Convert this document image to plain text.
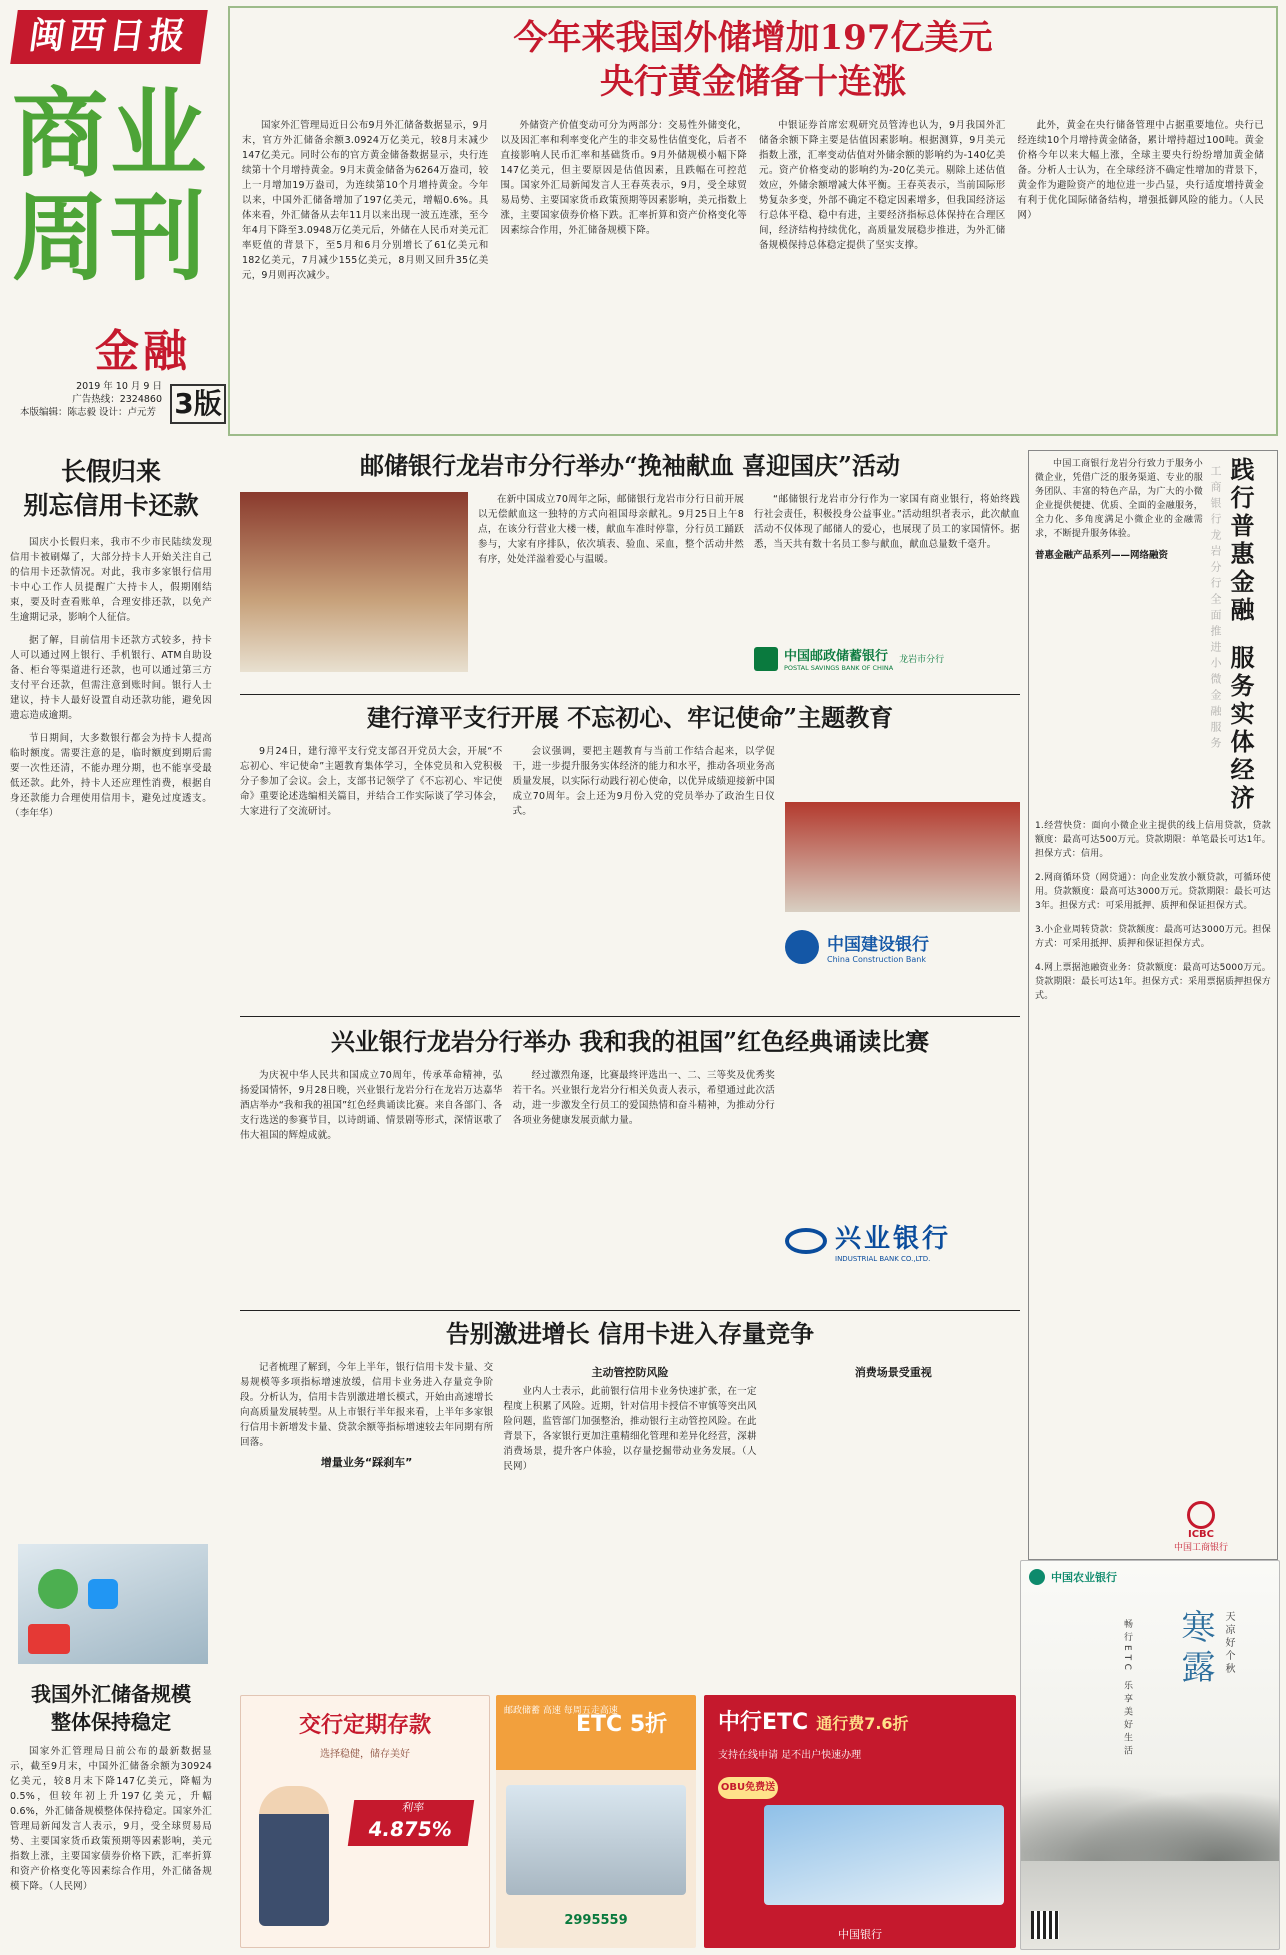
闽西日报
商业
周刊
金融
2019 年 10 月 9 日
广告热线：2324860
本版编辑：陈志毅 设计：卢元芳 3版
长假归来
别忘信用卡还款

国庆小长假归来，我市不少市民陆续发现信用卡被刷爆了，大部分持卡人开始关注自己的信用卡还款情况。对此，我市多家银行信用卡中心工作人员提醒广大持卡人，假期刚结束，要及时查看账单，合理安排还款，以免产生逾期记录，影响个人征信。

据了解，目前信用卡还款方式较多，持卡人可以通过网上银行、手机银行、ATM自助设备、柜台等渠道进行还款，也可以通过第三方支付平台还款，但需注意到账时间。银行人士建议，持卡人最好设置自动还款功能，避免因遗忘造成逾期。

节日期间，大多数银行都会为持卡人提高临时额度。需要注意的是，临时额度到期后需要一次性还清，不能办理分期，也不能享受最低还款。此外，持卡人还应理性消费，根据自身还款能力合理使用信用卡，避免过度透支。（李年华）

我国外汇储备规模
整体保持稳定

国家外汇管理局日前公布的最新数据显示，截至9月末，中国外汇储备余额为30924亿美元，较8月末下降147亿美元，降幅为0.5%，但较年初上升197亿美元，升幅0.6%，外汇储备规模整体保持稳定。国家外汇管理局新闻发言人表示，9月，受全球贸易局势、主要国家货币政策预期等因素影响，美元指数上涨，主要国家债券价格下跌，汇率折算和资产价格变化等因素综合作用，外汇储备规模下降。（人民网）

今年来我国外储增加197亿美元
央行黄金储备十连涨

国家外汇管理局近日公布9月外汇储备数据显示，9月末，官方外汇储备余额3.0924万亿美元，较8月末减少147亿美元。同时公布的官方黄金储备数据显示，央行连续第十个月增持黄金。9月末黄金储备为6264万盎司，较上一月增加19万盎司，为连续第10个月增持黄金。今年以来，中国外汇储备增加了197亿美元，增幅0.6%。具体来看，外汇储备从去年11月以来出现一波五连涨，至今年4月下降至3.0948万亿美元后，外储在人民币对美元汇率贬值的背景下，至5月和6月分别增长了61亿美元和182亿美元，7月减少155亿美元，8月则又回升35亿美元，9月则再次减少。

外储资产价值变动可分为两部分：交易性外储变化，以及因汇率和利率变化产生的非交易性估值变化，后者不直接影响人民币汇率和基础货币。9月外储规模小幅下降147亿美元，但主要原因是估值因素，且跌幅在可控范围。国家外汇局新闻发言人王春英表示，9月，受全球贸易局势、主要国家货币政策预期等因素影响，美元指数上涨，主要国家债券价格下跌。汇率折算和资产价格变化等因素综合作用，外汇储备规模下降。

中银证券首席宏观研究员管涛也认为，9月我国外汇储备余额下降主要是估值因素影响。根据测算，9月美元指数上涨，汇率变动估值对外储余额的影响约为-140亿美元。资产价格变动的影响约为-20亿美元。剔除上述估值效应，外储余额增减大体平衡。王春英表示，当前国际形势复杂多变，外部不确定不稳定因素增多，但我国经济运行总体平稳、稳中有进，主要经济指标总体保持在合理区间，经济结构持续优化，高质量发展稳步推进，为外汇储备规模保持总体稳定提供了坚实支撑。

此外，黄金在央行储备管理中占据重要地位。央行已经连续10个月增持黄金储备，累计增持超过100吨。黄金价格今年以来大幅上涨，全球主要央行纷纷增加黄金储备。分析人士认为，在全球经济不确定性增加的背景下，黄金作为避险资产的地位进一步凸显，央行适度增持黄金有利于优化国际储备结构，增强抵御风险的能力。（人民网）

邮储银行龙岩市分行举办“挽袖献血 喜迎国庆”活动

在新中国成立70周年之际，邮储银行龙岩市分行日前开展以无偿献血这一独特的方式向祖国母亲献礼。9月25日上午8点，在该分行营业大楼一楼，献血车准时停靠，分行员工踊跃参与，大家有序排队，依次填表、验血、采血，整个活动井然有序，处处洋溢着爱心与温暖。

“邮储银行龙岩市分行作为一家国有商业银行，将始终践行社会责任，积极投身公益事业。”活动组织者表示，此次献血活动不仅体现了邮储人的爱心，也展现了员工的家国情怀。据悉，当天共有数十名员工参与献血，献血总量数千毫升。

中国邮政储蓄银行
POSTAL SAVINGS BANK OF CHINA
龙岩市分行
建行漳平支行开展 不忘初心、牢记使命”主题教育

9月24日，建行漳平支行党支部召开党员大会，开展“不忘初心、牢记使命”主题教育集体学习，全体党员和入党积极分子参加了会议。会上，支部书记领学了《不忘初心、牢记使命》重要论述选编相关篇目，并结合工作实际谈了学习体会，大家进行了交流研讨。

会议强调，要把主题教育与当前工作结合起来，以学促干，进一步提升服务实体经济的能力和水平，推动各项业务高质量发展，以实际行动践行初心使命，以优异成绩迎接新中国成立70周年。会上还为9月份入党的党员举办了政治生日仪式。

中国建设银行
China Construction Bank
兴业银行龙岩分行举办 我和我的祖国”红色经典诵读比赛

为庆祝中华人民共和国成立70周年，传承革命精神，弘扬爱国情怀，9月28日晚，兴业银行龙岩分行在龙岩万达嘉华酒店举办“我和我的祖国”红色经典诵读比赛。来自各部门、各支行选送的参赛节目，以诗朗诵、情景剧等形式，深情讴歌了伟大祖国的辉煌成就。

经过激烈角逐，比赛最终评选出一、二、三等奖及优秀奖若干名。兴业银行龙岩分行相关负责人表示，希望通过此次活动，进一步激发全行员工的爱国热情和奋斗精神，为推动分行各项业务健康发展贡献力量。

兴业银行
INDUSTRIAL BANK CO.,LTD.
告别激进增长 信用卡进入存量竞争

记者梳理了解到，今年上半年，银行信用卡发卡量、交易规模等多项指标增速放缓，信用卡业务进入存量竞争阶段。分析认为，信用卡告别激进增长模式，开始由高速增长向高质量发展转型。从上市银行半年报来看，上半年多家银行信用卡新增发卡量、贷款余额等指标增速较去年同期有所回落。

增量业务“踩刹车”
主动管控防风险

业内人士表示，此前银行信用卡业务快速扩张，在一定程度上积累了风险。近期，针对信用卡授信不审慎等突出风险问题，监管部门加强整治，推动银行主动管控风险。在此背景下，各家银行更加注重精细化管理和差异化经营，深耕消费场景，提升客户体验，以存量挖掘带动业务发展。（人民网）

消费场景受重视

中国工商银行龙岩分行致力于服务小微企业，凭借广泛的服务渠道、专业的服务团队、丰富的特色产品，为广大的小微企业提供便捷、优质、全面的金融服务，全力化、多角度满足小微企业的金融需求，不断提升服务体验。

普惠金融产品系列——网络融资	践行普惠金融服务实体经济
工商银行龙岩分行全面推进小微金融服务

1.经营快贷：面向小微企业主提供的线上信用贷款，贷款额度：最高可达500万元。贷款期限：单笔最长可达1年。担保方式：信用。

2.网商循环贷（网贷通）：向企业发放小额贷款，可循环使用。贷款额度：最高可达3000万元。贷款期限：最长可达3年。担保方式：可采用抵押、质押和保证担保方式。

3.小企业周转贷款：贷款额度：最高可达3000万元。担保方式：可采用抵押、质押和保证担保方式。

4.网上票据池融资业务：贷款额度：最高可达5000万元。贷款期限：最长可达1年。担保方式：采用票据质押担保方式。

ICBC
中国工商银行
中国农业银行
寒露 天凉好个秋
畅行ETC 乐享美好生活
交行定期存款
选择稳健，储存美好
利率
4.875%
邮政储蓄 高速 每周五走高速
ETC 5折
2995559
中行ETC 通行费7.6折
支持在线申请 足不出户快速办理
OBU免费送
中国银行
